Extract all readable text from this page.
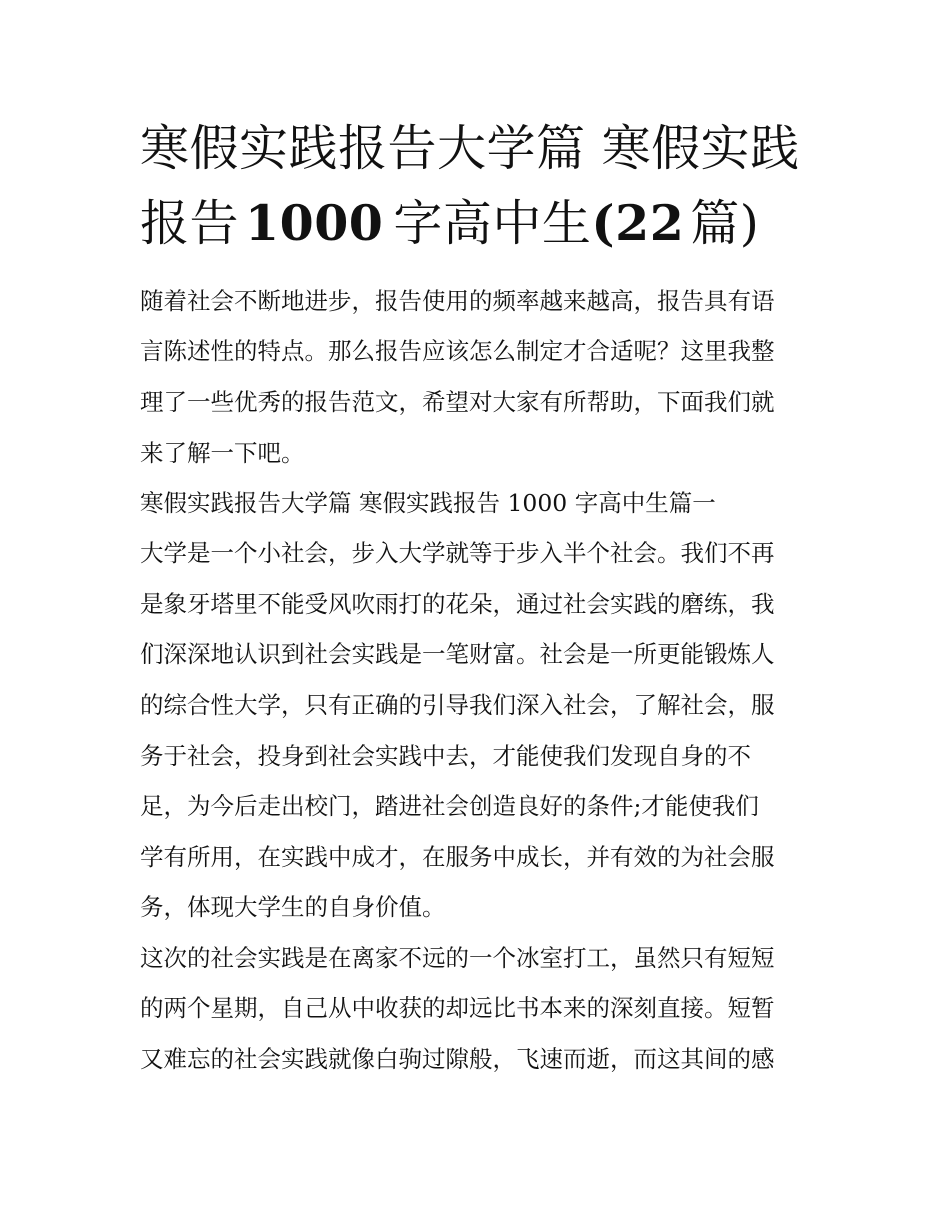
寒假实践报告大学篇 寒假实践报告 1000 字高中生(22 篇)

随着社会不断地进步，报告使用的频率越来越高，报告具有语

言陈述性的特点。那么报告应该怎么制定才合适呢？这里我整

理了一些优秀的报告范文，希望对大家有所帮助，下面我们就

来了解一下吧。

寒假实践报告大学篇 寒假实践报告 1000 字高中生篇一

大学是一个小社会，步入大学就等于步入半个社会。我们不再

是象牙塔里不能受风吹雨打的花朵，通过社会实践的磨练，我

们深深地认识到社会实践是一笔财富。社会是一所更能锻炼人

的综合性大学，只有正确的引导我们深入社会，了解社会，服

务于社会，投身到社会实践中去，才能使我们发现自身的不

足，为今后走出校门，踏进社会创造良好的条件;才能使我们

学有所用，在实践中成才，在服务中成长，并有效的为社会服

务，体现大学生的自身价值。

这次的社会实践是在离家不远的一个冰室打工，虽然只有短短

的两个星期，自己从中收获的却远比书本来的深刻直接。短暂

又难忘的社会实践就像白驹过隙般，飞速而逝，而这其间的感
